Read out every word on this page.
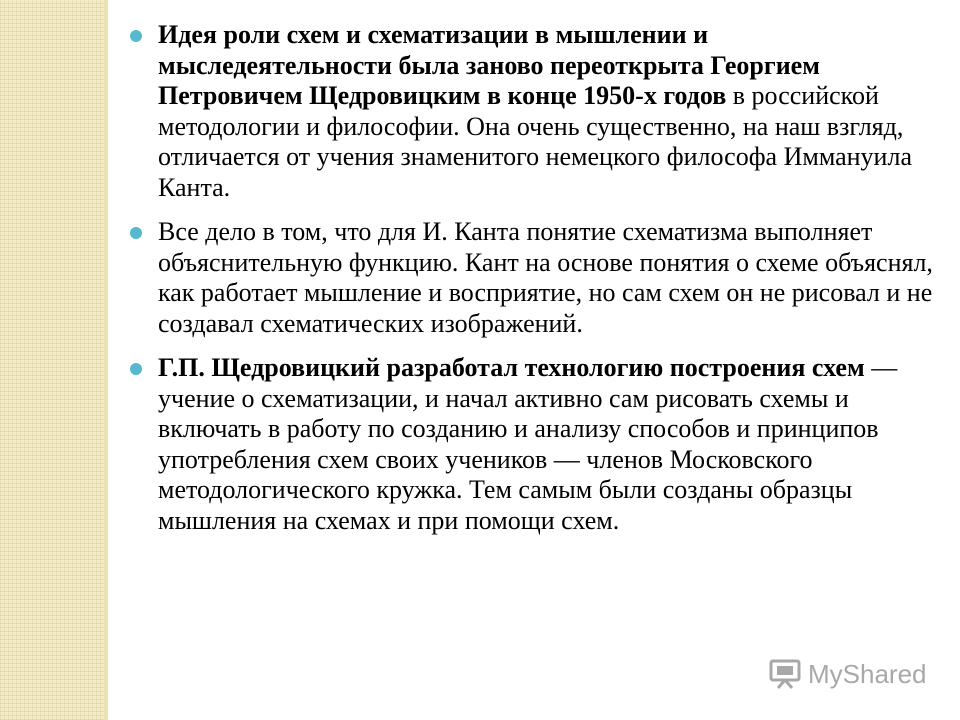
Идея роли схем и схематизации в мышлении и мыследеятельности была заново переоткрыта Георгием Петровичем Щедровицким в конце 1950-х годов в российской методологии и философии. Она очень существенно, на наш взгляд, отличается от учения знаменитого немецкого философа Иммануила Канта.

Все дело в том, что для И. Канта понятие схематизма выполняет объяснительную функцию. Кант на основе понятия о схеме объяснял, как работает мышление и восприятие, но сам схем он не рисовал и не создавал схематических изображений.

Г.П. Щедровицкий разработал технологию построения схем — учение о схематизации, и начал активно сам рисовать схемы и включать в работу по созданию и анализу способов и принципов употребления схем своих учеников — членов Московского методологического кружка. Тем самым были созданы образцы мышления на схемах и при помощи схем.

MyShared
